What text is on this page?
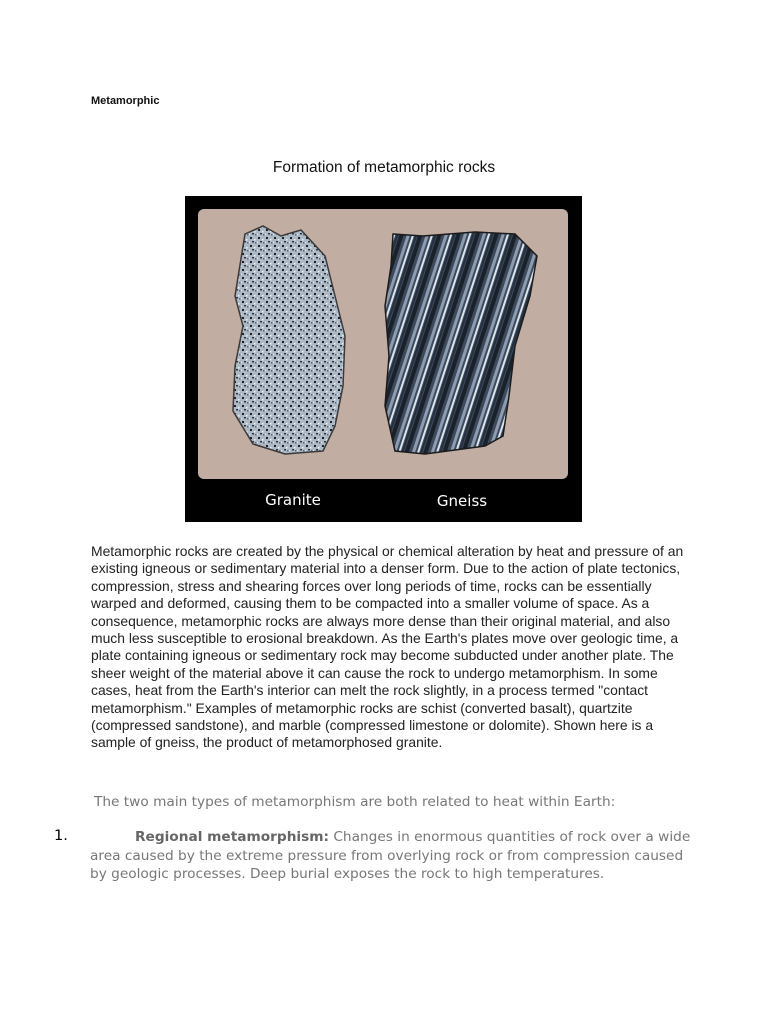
Metamorphic
Formation of metamorphic rocks
Granite	Gneiss
Metamorphic rocks are created by the physical or chemical alteration by heat and pressure of an existing igneous or sedimentary material into a denser form. Due to the action of plate tectonics, compression, stress and shearing forces over long periods of time, rocks can be essentially warped and deformed, causing them to be compacted into a smaller volume of space. As a consequence, metamorphic rocks are always more dense than their original material, and also much less susceptible to erosional breakdown. As the Earth's plates move over geologic time, a plate containing igneous or sedimentary rock may become subducted under another plate. The sheer weight of the material above it can cause the rock to undergo metamorphism. In some cases, heat from the Earth's interior can melt the rock slightly, in a process termed "contact metamorphism." Examples of metamorphic rocks are schist (converted basalt), quartzite (compressed sandstone), and marble (compressed limestone or dolomite). Shown here is a sample of gneiss, the product of metamorphosed granite.
The two main types of metamorphism are both related to heat within Earth:
1.	Regional metamorphism: Changes in enormous quantities of rock over a wide area caused by the extreme pressure from overlying rock or from compression caused by geologic processes. Deep burial exposes the rock to high temperatures.
